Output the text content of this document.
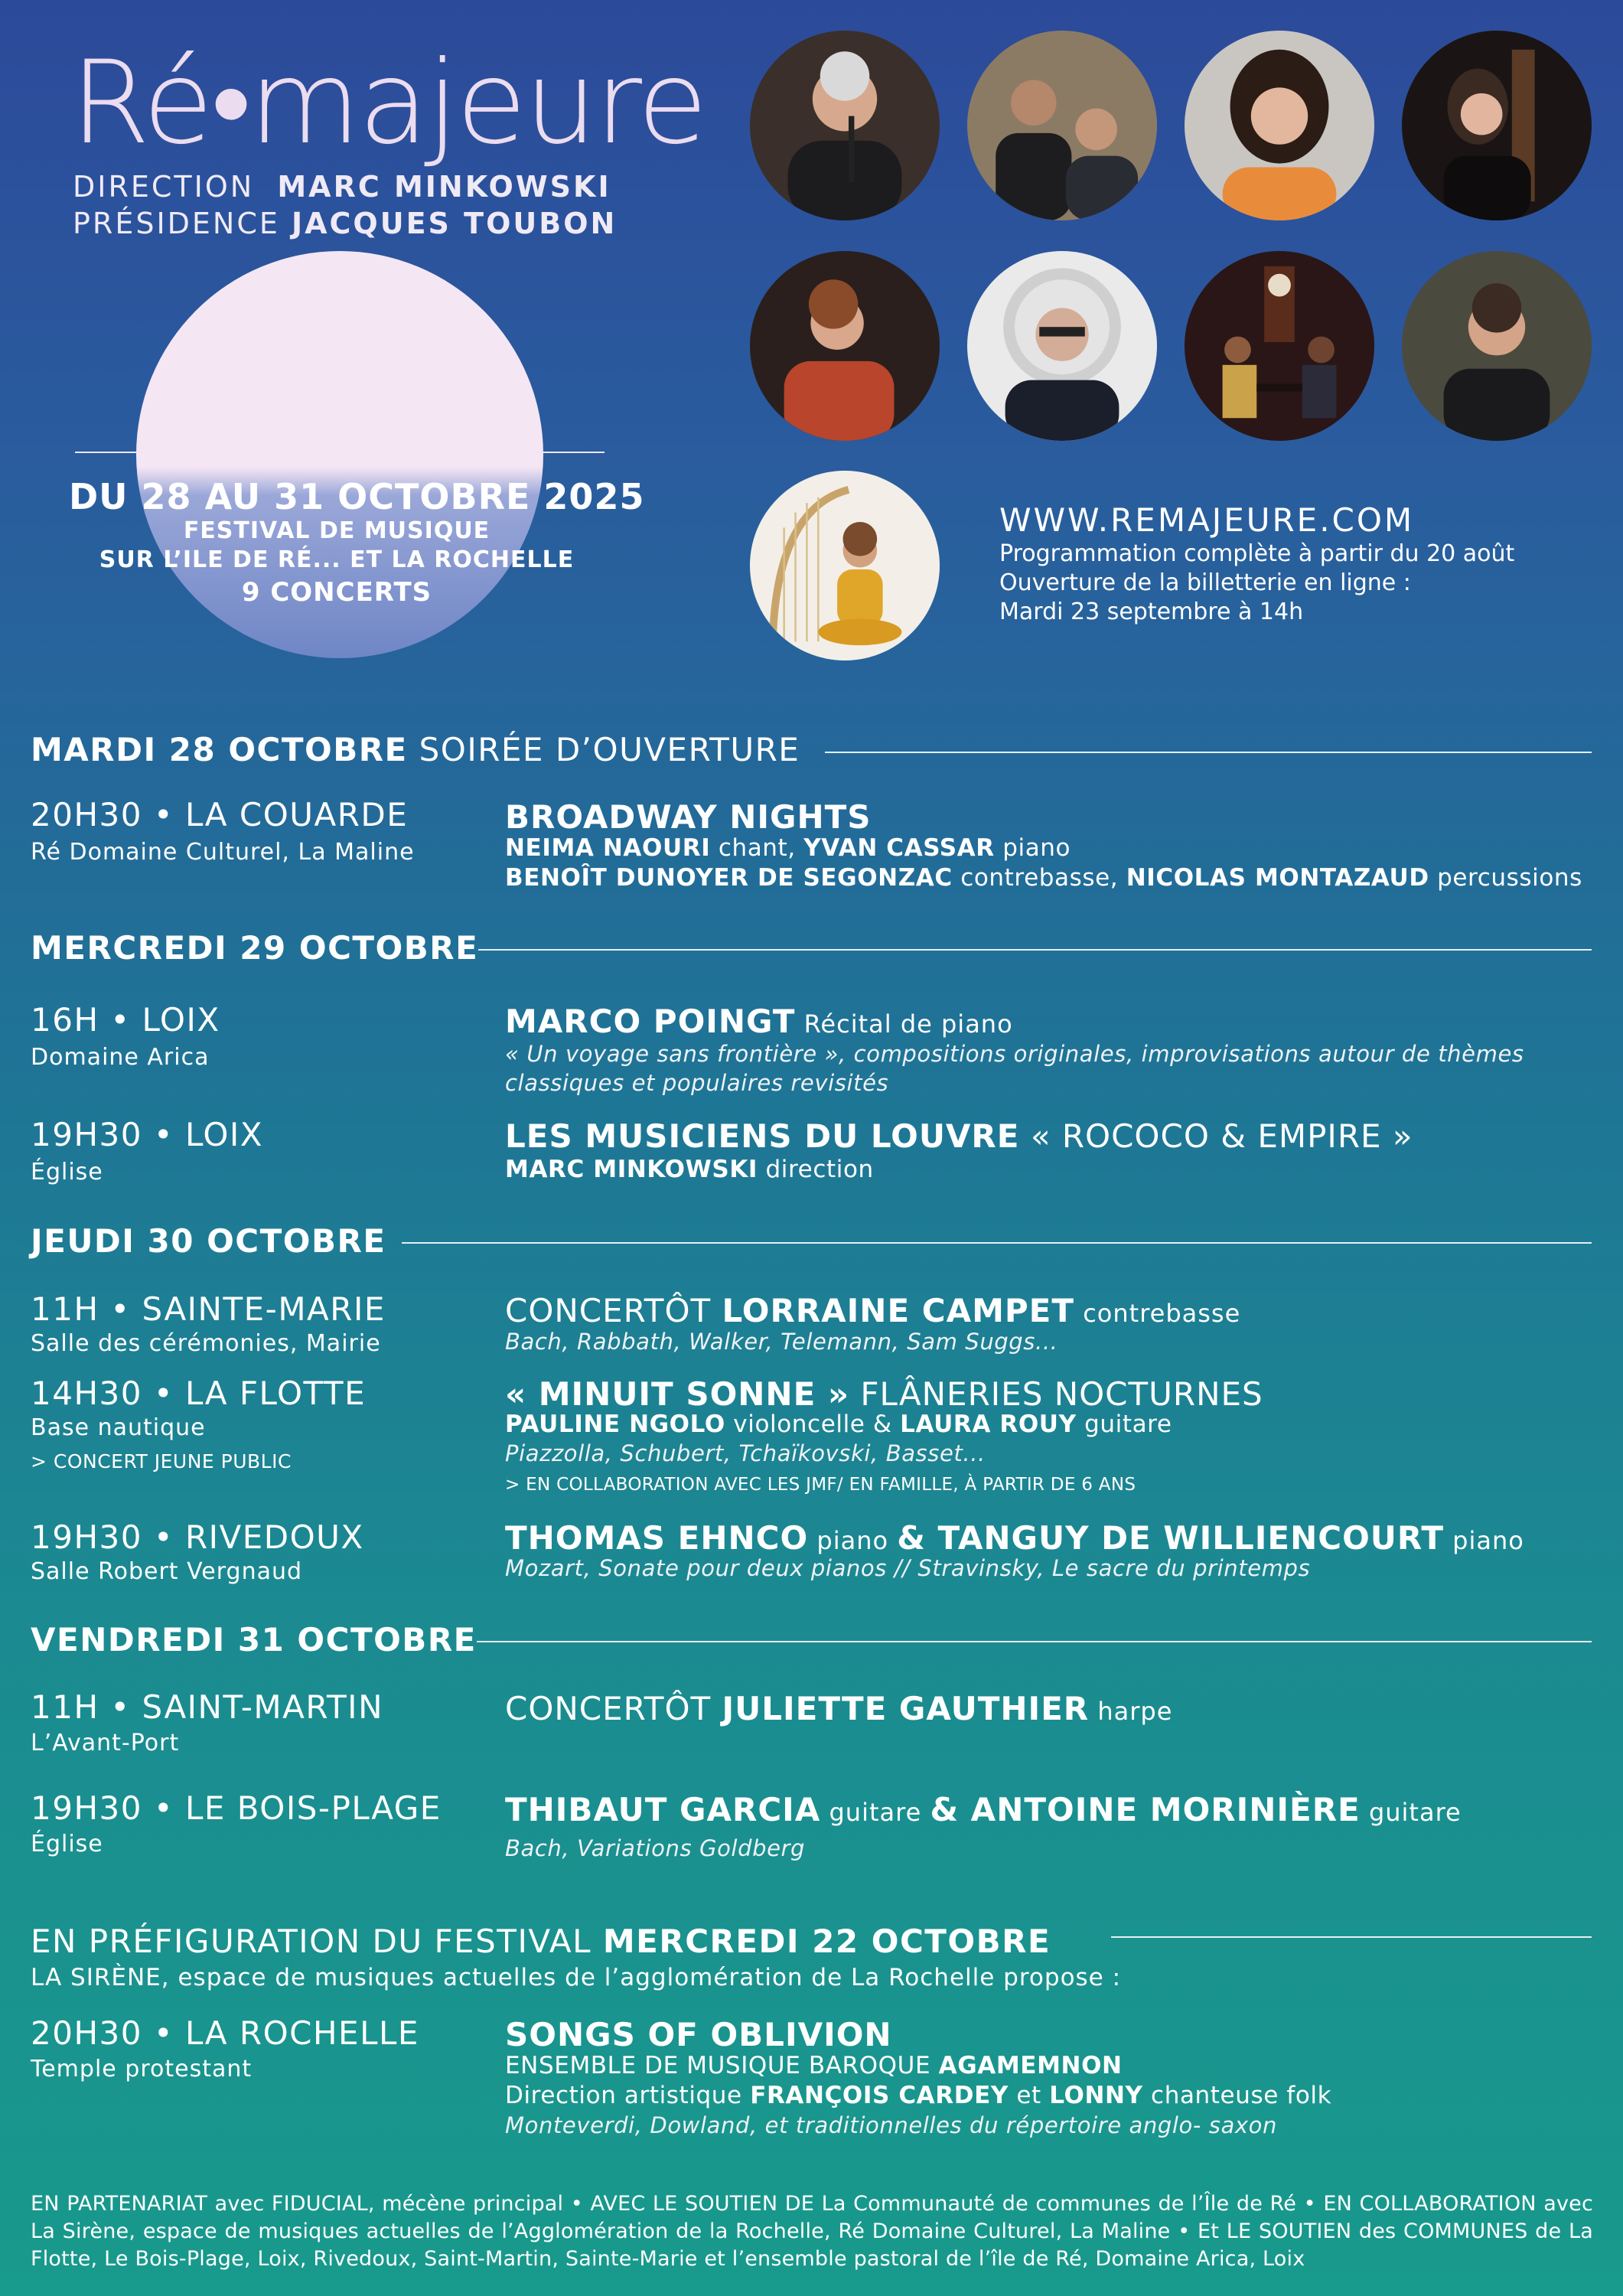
Ré•majeure
DIRECTION MARC MINKOWSKI
PRÉSIDENCE JACQUES TOUBON
DU 28 AU 31 OCTOBRE 2025
FESTIVAL DE MUSIQUE
SUR L’ILE DE RÉ... ET LA ROCHELLE
9 CONCERTS
WWW.REMAJEURE.COM
Programmation complète à partir du 20 août
Ouverture de la billetterie en ligne :
Mardi 23 septembre à 14h
MARDI 28 OCTOBRE SOIRÉE D’OUVERTURE
20H30 • LA COUARDE
Ré Domaine Culturel, La Maline
BROADWAY NIGHTS
NEIMA NAOURI chant, YVAN CASSAR piano
BENOÎT DUNOYER DE SEGONZAC contrebasse, NICOLAS MONTAZAUD percussions
MERCREDI 29 OCTOBRE
16H • LOIX
Domaine Arica
MARCO POINGT Récital de piano
« Un voyage sans frontière », compositions originales, improvisations autour de thèmes
classiques et populaires revisités
19H30 • LOIX
Église
LES MUSICIENS DU LOUVRE « ROCOCO & EMPIRE »
MARC MINKOWSKI direction
JEUDI 30 OCTOBRE
11H • SAINTE-MARIE
Salle des cérémonies, Mairie
CONCERTÔT LORRAINE CAMPET contrebasse
Bach, Rabbath, Walker, Telemann, Sam Suggs...
14H30 • LA FLOTTE
Base nautique
> CONCERT JEUNE PUBLIC
« MINUIT SONNE » FLÂNERIES NOCTURNES
PAULINE NGOLO violoncelle & LAURA ROUY guitare
Piazzolla, Schubert, Tchaïkovski, Basset...
> EN COLLABORATION AVEC LES JMF/ EN FAMILLE, À PARTIR DE 6 ANS
19H30 • RIVEDOUX
Salle Robert Vergnaud
THOMAS EHNCO piano & TANGUY DE WILLIENCOURT piano
Mozart, Sonate pour deux pianos // Stravinsky, Le sacre du printemps
VENDREDI 31 OCTOBRE
11H • SAINT-MARTIN
L’Avant-Port
CONCERTÔT JULIETTE GAUTHIER harpe
19H30 • LE BOIS-PLAGE
Église
THIBAUT GARCIA guitare & ANTOINE MORINIÈRE guitare
Bach, Variations Goldberg
EN PRÉFIGURATION DU FESTIVAL MERCREDI 22 OCTOBRE
LA SIRÈNE, espace de musiques actuelles de l’agglomération de La Rochelle propose :
20H30 • LA ROCHELLE
Temple protestant
SONGS OF OBLIVION
ENSEMBLE DE MUSIQUE BAROQUE AGAMEMNON
Direction artistique FRANÇOIS CARDEY et LONNY chanteuse folk
Monteverdi, Dowland, et traditionnelles du répertoire anglo- saxon
EN PARTENARIAT avec FIDUCIAL, mécène principal • AVEC LE SOUTIEN DE La Communauté de communes de l’Île de Ré • EN COLLABORATION avec La Sirène, espace de musiques actuelles de l’Agglomération de la Rochelle, Ré Domaine Culturel, La Maline • Et LE SOUTIEN des COMMUNES de La Flotte, Le Bois-Plage, Loix, Rivedoux, Saint-Martin, Sainte-Marie et l’ensemble pastoral de l’île de Ré, Domaine Arica, Loix
